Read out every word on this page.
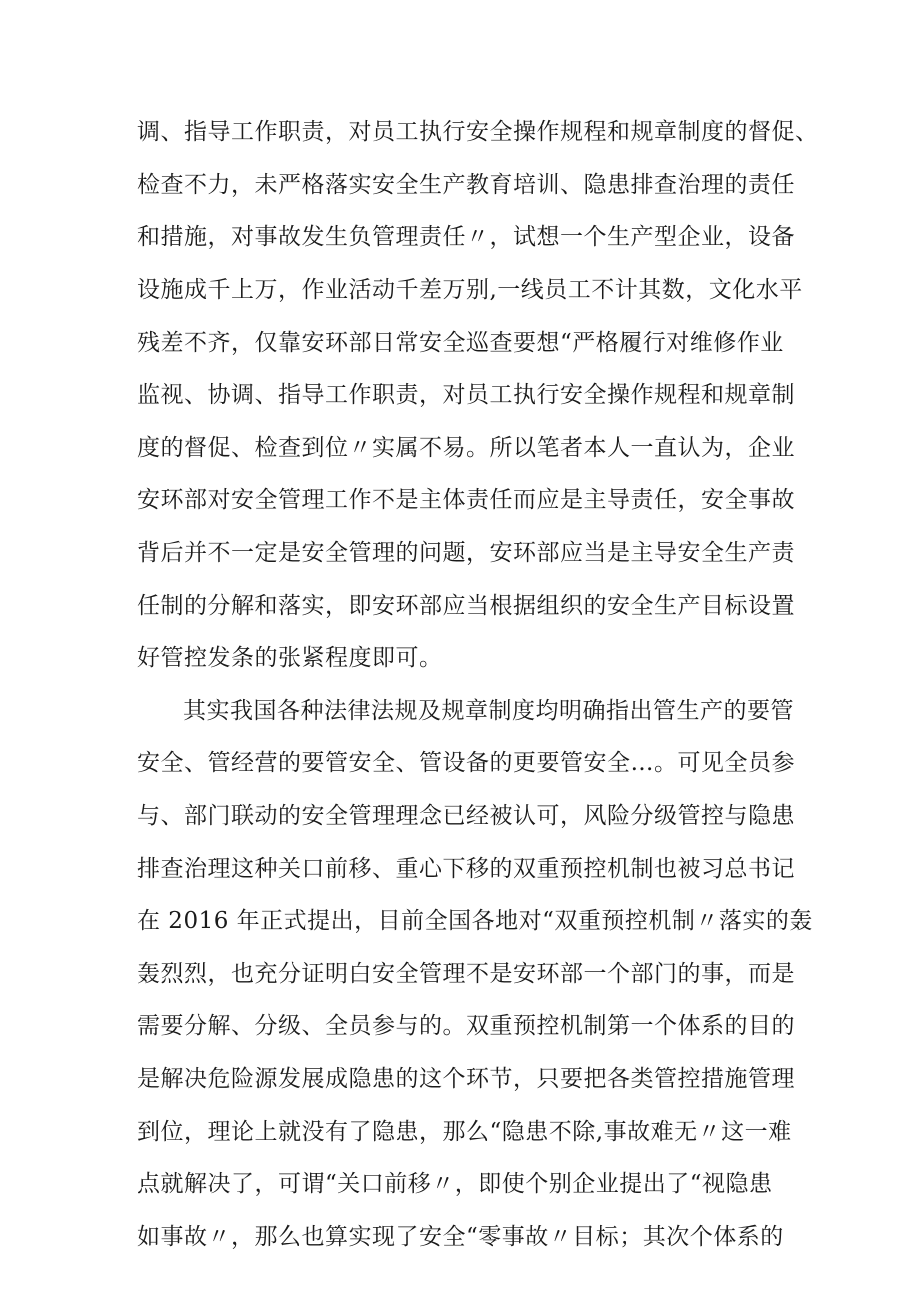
调、指导工作职责，对员工执行安全操作规程和规章制度的督促、
检查不力，未严格落实安全生产教育培训、隐患排查治理的责任
和措施，对事故发生负管理责任〃，试想一个生产型企业，设备
设施成千上万，作业活动千差万别,一线员工不计其数，文化水平
残差不齐，仅靠安环部日常安全巡查要想“严格履行对维修作业
监视、协调、指导工作职责，对员工执行安全操作规程和规章制
度的督促、检查到位〃实属不易。所以笔者本人一直认为，企业
安环部对安全管理工作不是主体责任而应是主导责任，安全事故
背后并不一定是安全管理的问题，安环部应当是主导安全生产责
任制的分解和落实，即安环部应当根据组织的安全生产目标设置
好管控发条的张紧程度即可。
其实我国各种法律法规及规章制度均明确指出管生产的要管
安全、管经营的要管安全、管设备的更要管安全…。可见全员参
与、部门联动的安全管理理念已经被认可，风险分级管控与隐患
排查治理这种关口前移、重心下移的双重预控机制也被习总书记
在 2016 年正式提出，目前全国各地对“双重预控机制〃落实的轰
轰烈烈，也充分证明白安全管理不是安环部一个部门的事，而是
需要分解、分级、全员参与的。双重预控机制第一个体系的目的
是解决危险源发展成隐患的这个环节，只要把各类管控措施管理
到位，理论上就没有了隐患，那么“隐患不除,事故难无〃这一难
点就解决了，可谓“关口前移〃，即使个别企业提出了“视隐患
如事故〃，那么也算实现了安全“零事故〃目标；其次个体系的
